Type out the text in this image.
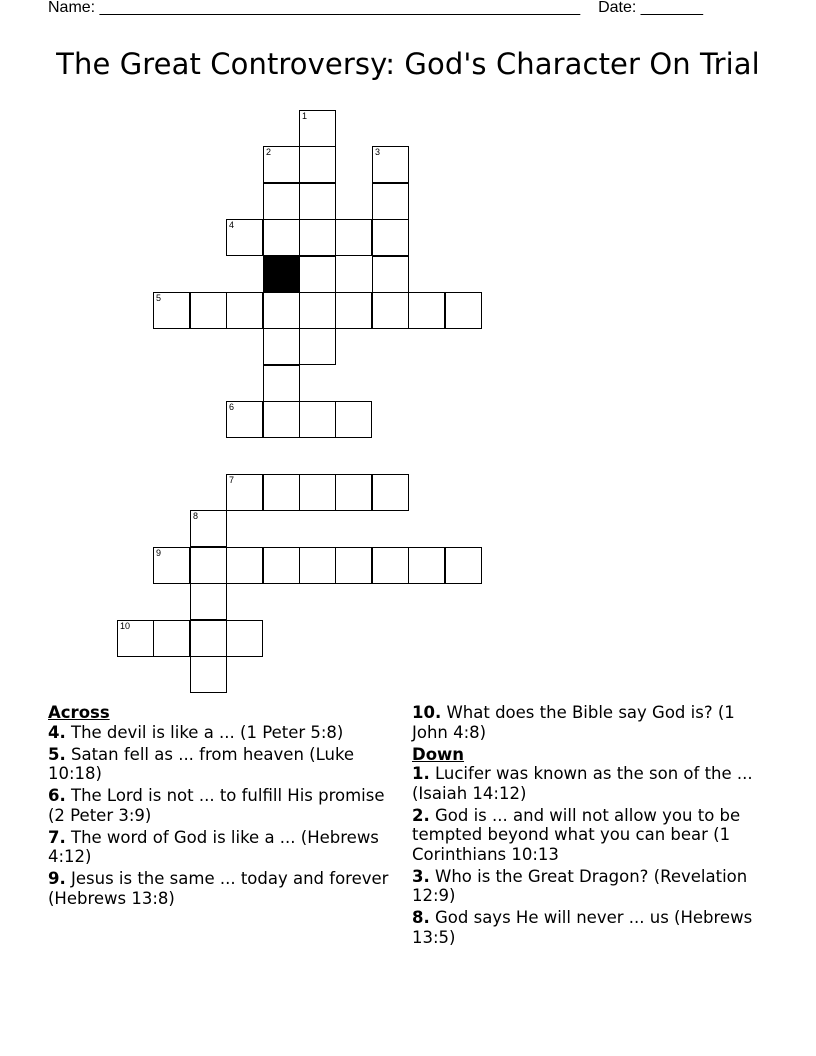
Name: ______________________________________________________ Date: _______
The Great Controversy: God's Character On Trial
1
2	3
4
5
6
7
8
9
10
Across
4. The devil is like a ... (1 Peter 5:8)
5. Satan fell as ... from heaven (Luke 10:18)
6. The Lord is not ... to fulfill His promise (2 Peter 3:9)
7. The word of God is like a ... (Hebrews 4:12)
9. Jesus is the same ... today and forever (Hebrews 13:8)
10. What does the Bible say God is? (1 John 4:8)
Down
1. Lucifer was known as the son of the ... (Isaiah 14:12)
2. God is ... and will not allow you to be tempted beyond what you can bear (1 Corinthians 10:13
3. Who is the Great Dragon? (Revelation 12:9)
8. God says He will never ... us (Hebrews 13:5)
